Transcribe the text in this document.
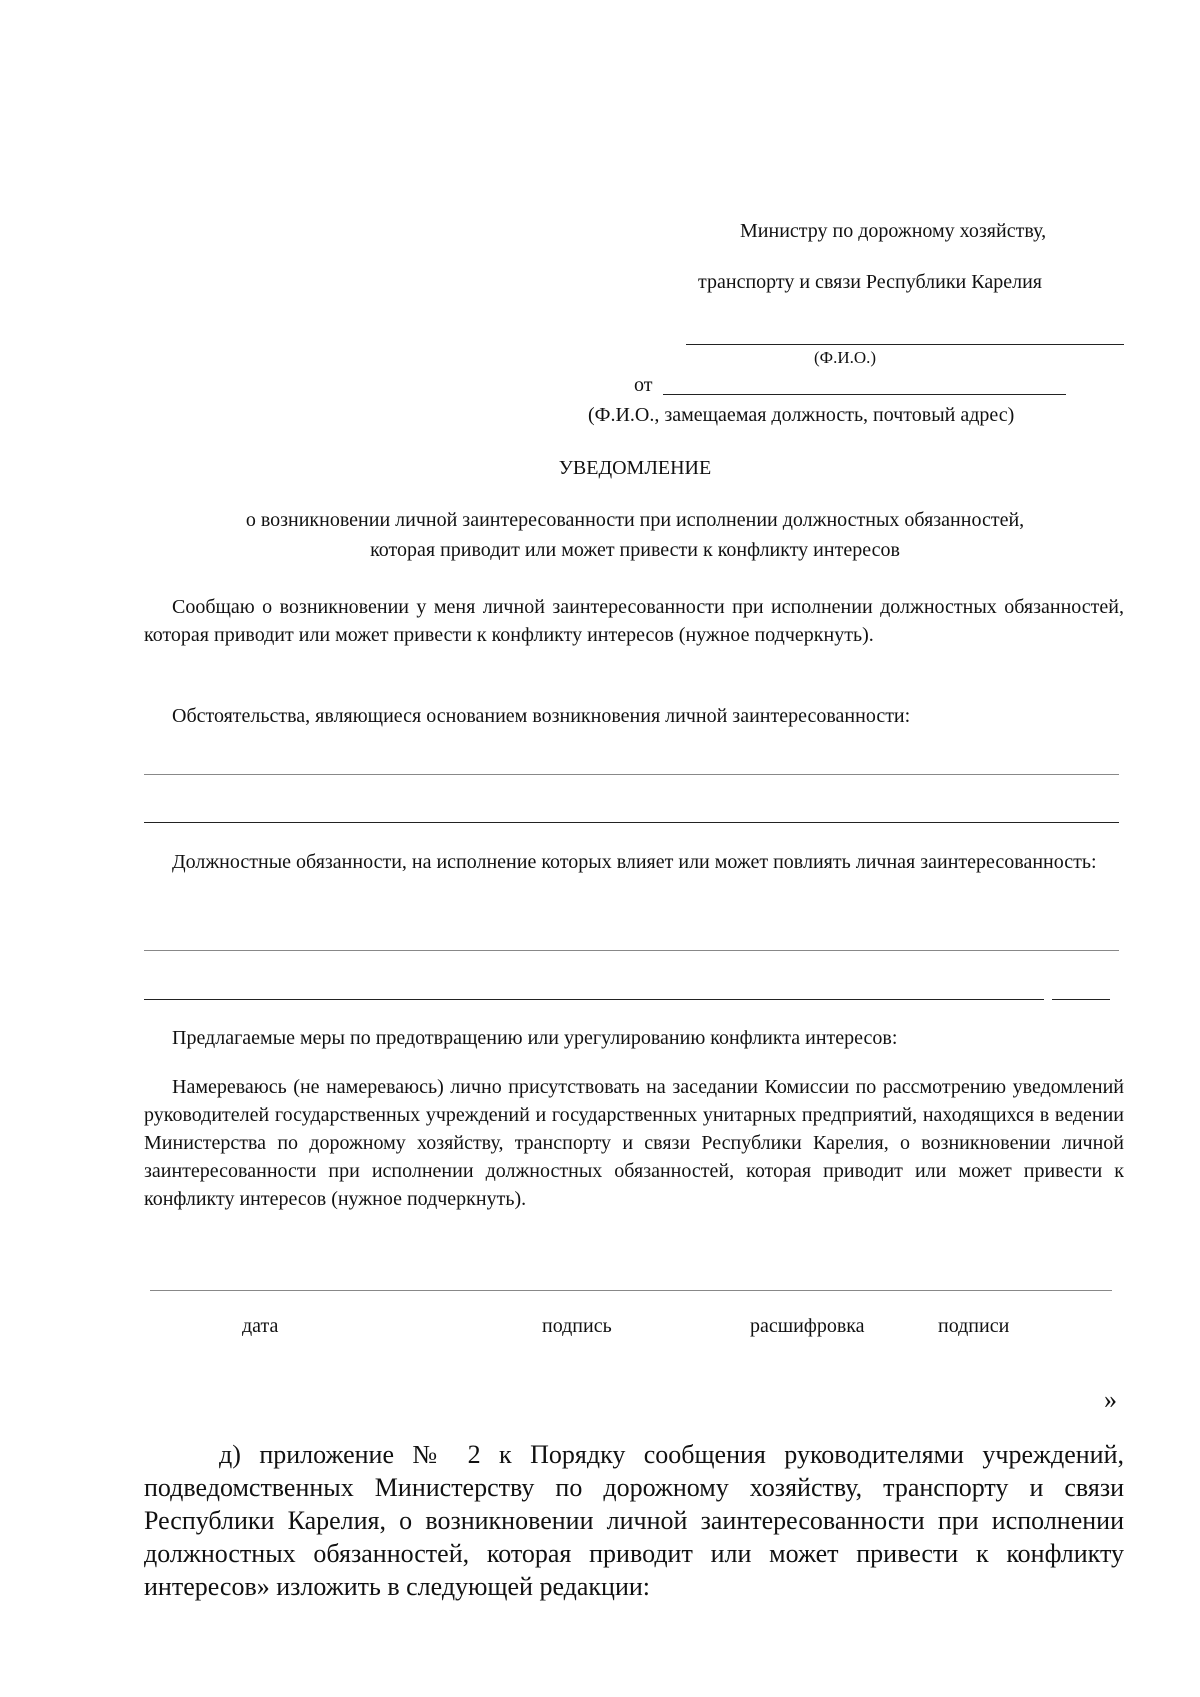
Министру по дорожному хозяйству,
транспорту и связи Республики Карелия
(Ф.И.О.)
от
(Ф.И.О., замещаемая должность, почтовый адрес)
УВЕДОМЛЕНИЕ
о возникновении личной заинтересованности при исполнении должностных обязанностей,
которая приводит или может привести к конфликту интересов
Сообщаю о возникновении у меня личной заинтересованности при исполнении должностных обязанностей, которая приводит или может привести к конфликту интересов (нужное подчеркнуть).
Обстоятельства, являющиеся основанием возникновения личной заинтересованности:
Должностные обязанности, на исполнение которых влияет или может повлиять личная заинтересованность:
Предлагаемые меры по предотвращению или урегулированию конфликта интересов:
Намереваюсь (не намереваюсь) лично присутствовать на заседании Комиссии по рассмотрению уведомлений руководителей государственных учреждений и государственных унитарных предприятий, находящихся в ведении Министерства по дорожному хозяйству, транспорту и связи Республики Карелия, о возникновении личной заинтересованности при исполнении должностных обязанностей, которая приводит или может привести к конфликту интересов (нужное подчеркнуть).
дата	подпись	расшифровка	подписи
»
д) приложение № 2 к Порядку сообщения руководителями учреждений, подведомственных Министерству по дорожному хозяйству, транспорту и связи Республики Карелия, о возникновении личной заинтересованности при исполнении должностных обязанностей, которая приводит или может привести к конфликту интересов» изложить в следующей редакции:
